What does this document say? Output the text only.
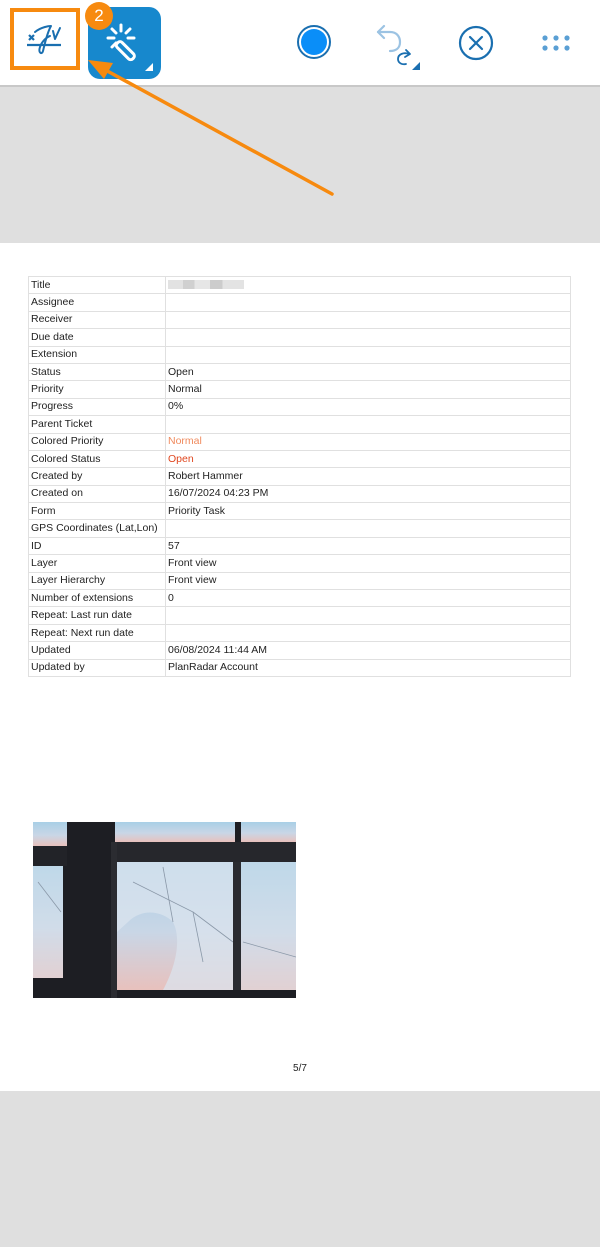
2
Title	
Assignee	
Receiver	
Due date	
Extension	
Status	Open
Priority	Normal
Progress	0%
Parent Ticket	
Colored Priority	Normal
Colored Status	Open
Created by	Robert Hammer
Created on	16/07/2024 04:23 PM
Form	Priority Task
GPS Coordinates (Lat,Lon)	
ID	57
Layer	Front view
Layer Hierarchy	Front view
Number of extensions	0
Repeat: Last run date	
Repeat: Next run date	
Updated	06/08/2024 11:44 AM
Updated by	PlanRadar Account
5/7
